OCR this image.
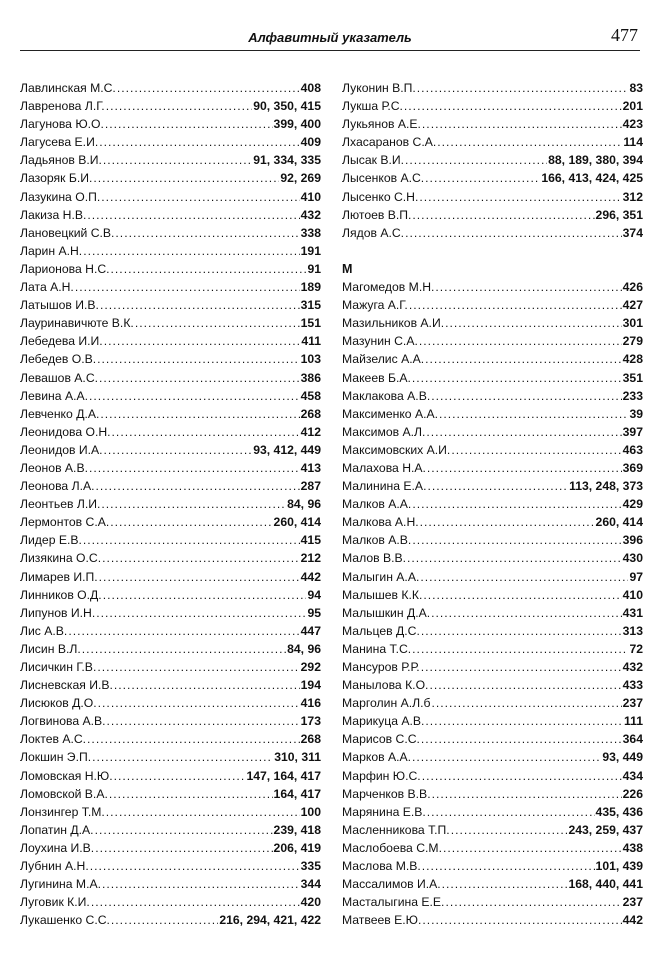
Алфавитный указатель	477
Лавлинская М.С. .....	408
Лавренова Л.Г. .....	90, 350, 415
Лагунова Ю.О. .....	399, 400
Лагусева Е.И. .....	409
Ладьянов В.И. .....	91, 334, 335
Лазоряк Б.И. .....	92, 269
Лазукина О.П. .....	410
Лакиза Н.В. .....	432
Лановецкий С.В. .....	338
Ларин А.Н. .....	191
Ларионова Н.С. .....	91
Лата А.Н. .....	189
Латышов И.В. .....	315
Лауринавичюте В.К. .....	151
Лебедева И.И. .....	411
Лебедев О.В. .....	103
Левашов А.С. .....	386
Левина А.А. .....	458
Левченко Д.А. .....	268
Леонидова О.Н. .....	412
Леонидов И.А. .....	93, 412, 449
Леонов А.В. .....	413
Леонова Л.А. .....	287
Леонтьев Л.И. .....	84, 96
Лермонтов С.А. .....	260, 414
Лидер Е.В. .....	415
Лизякина О.С. .....	212
Лимарев И.П. .....	442
Линников О.Д. .....	94
Липунов И.Н. .....	95
Лис А.В. .....	447
Лисин В.Л. .....	84, 96
Лисичкин Г.В. .....	292
Лисневская И.В. .....	194
Лисюков Д.О. .....	416
Логвинова А.В. .....	173
Локтев А.С. .....	268
Локшин Э.П. .....	310, 311
Ломовская Н.Ю. .....	147, 164, 417
Ломовской В.А. .....	164, 417
Лонзингер Т.М. .....	100
Лопатин Д.А. .....	239, 418
Лоухина И.В. .....	206, 419
Лубнин А.Н. .....	335
Лугинина М.А. .....	344
Луговик К.И. .....	420
Лукашенко С.С. .....	216, 294, 421, 422
Луконин В.П. .....	83
Лукша Р.С. .....	201
Лукьянов А.Е. .....	423
Лхасаранов С.А. .....	114
Лысак В.И. .....	88, 189, 380, 394
Лысенков А.С. .....	166, 413, 424, 425
Лысенко С.Н. .....	312
Лютоев В.П. .....	296, 351
Лядов А.С. .....	374
М
Магомедов М.Н. .....	426
Мажуга А.Г. .....	427
Мазильников А.И. .....	301
Мазунин С.А. .....	279
Майзелис А.А. .....	428
Макеев Б.А. .....	351
Маклакова А.В. .....	233
Максименко А.А. .....	39
Максимов А.Л. .....	397
Максимовских А.И. .....	463
Малахова Н.А. .....	369
Малинина Е.А. .....	113, 248, 373
Малков А.А. .....	429
Малкова А.Н. .....	260, 414
Малков А.В. .....	396
Малов В.В. .....	430
Малыгин А.А. .....	97
Малышев К.К. .....	410
Малышкин Д.А. .....	431
Мальцев Д.С. .....	313
Манина Т.С. .....	72
Мансуров Р.Р. .....	432
Манылова К.О. .....	433
Марголин А.Л.б .....	237
Марикуца А.В. .....	111
Марисов С.С. .....	364
Марков А.А. .....	93, 449
Марфин Ю.С. .....	434
Марченков В.В. .....	226
Марянина Е.В. .....	435, 436
Масленникова Т.П. .....	243, 259, 437
Маслобоева С.М. .....	438
Маслова М.В. .....	101, 439
Массалимов И.А. .....	168, 440, 441
Масталыгина Е.Е. .....	237
Матвеев Е.Ю. .....	442
